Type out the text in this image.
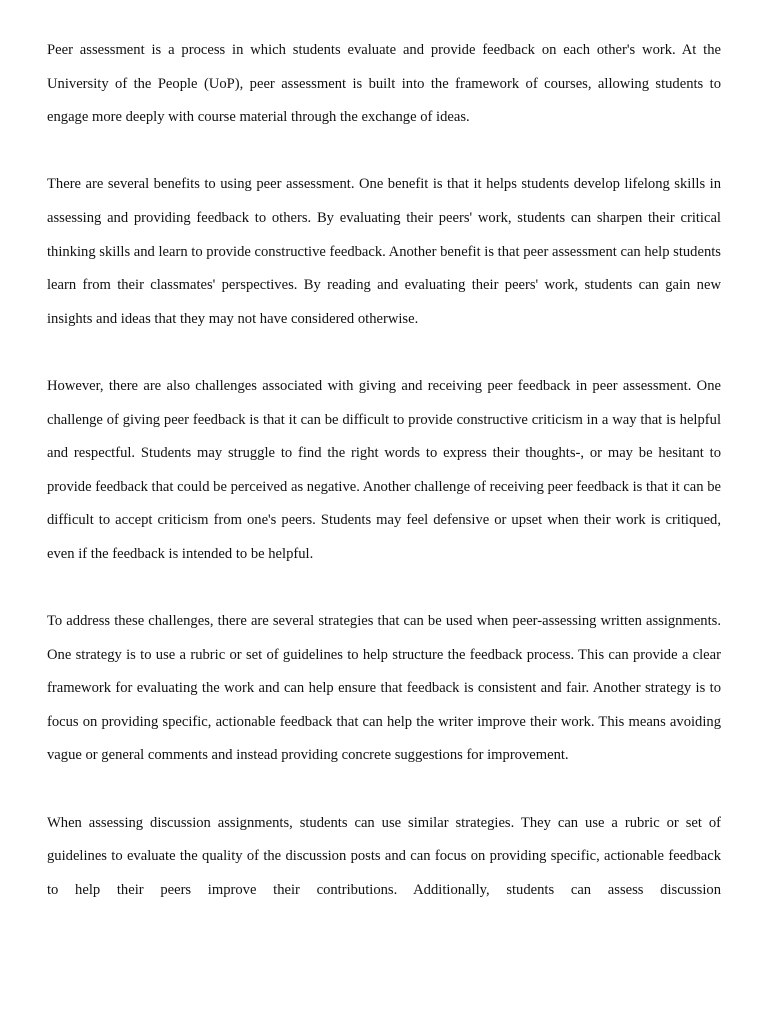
Peer assessment is a process in which students evaluate and provide feedback on each other's work. At the University of the People (UoP), peer assessment is built into the framework of courses, allowing students to engage more deeply with course material through the exchange of ideas.

There are several benefits to using peer assessment. One benefit is that it helps students develop lifelong skills in assessing and providing feedback to others. By evaluating their peers' work, students can sharpen their critical thinking skills and learn to provide constructive feedback. Another benefit is that peer assessment can help students learn from their classmates' perspectives. By reading and evaluating their peers' work, students can gain new insights and ideas that they may not have considered otherwise.

However, there are also challenges associated with giving and receiving peer feedback in peer assessment. One challenge of giving peer feedback is that it can be difficult to provide constructive criticism in a way that is helpful and respectful. Students may struggle to find the right words to express their thoughts-, or may be hesitant to provide feedback that could be perceived as negative. Another challenge of receiving peer feedback is that it can be difficult to accept criticism from one's peers. Students may feel defensive or upset when their work is critiqued, even if the feedback is intended to be helpful.

To address these challenges, there are several strategies that can be used when peer-assessing written assignments. One strategy is to use a rubric or set of guidelines to help structure the feedback process. This can provide a clear framework for evaluating the work and can help ensure that feedback is consistent and fair. Another strategy is to focus on providing specific, actionable feedback that can help the writer improve their work. This means avoiding vague or general comments and instead providing concrete suggestions for improvement.

When assessing discussion assignments, students can use similar strategies. They can use a rubric or set of guidelines to evaluate the quality of the discussion posts and can focus on providing specific, actionable feedback to help their peers improve their contributions. Additionally, students can assess discussion
